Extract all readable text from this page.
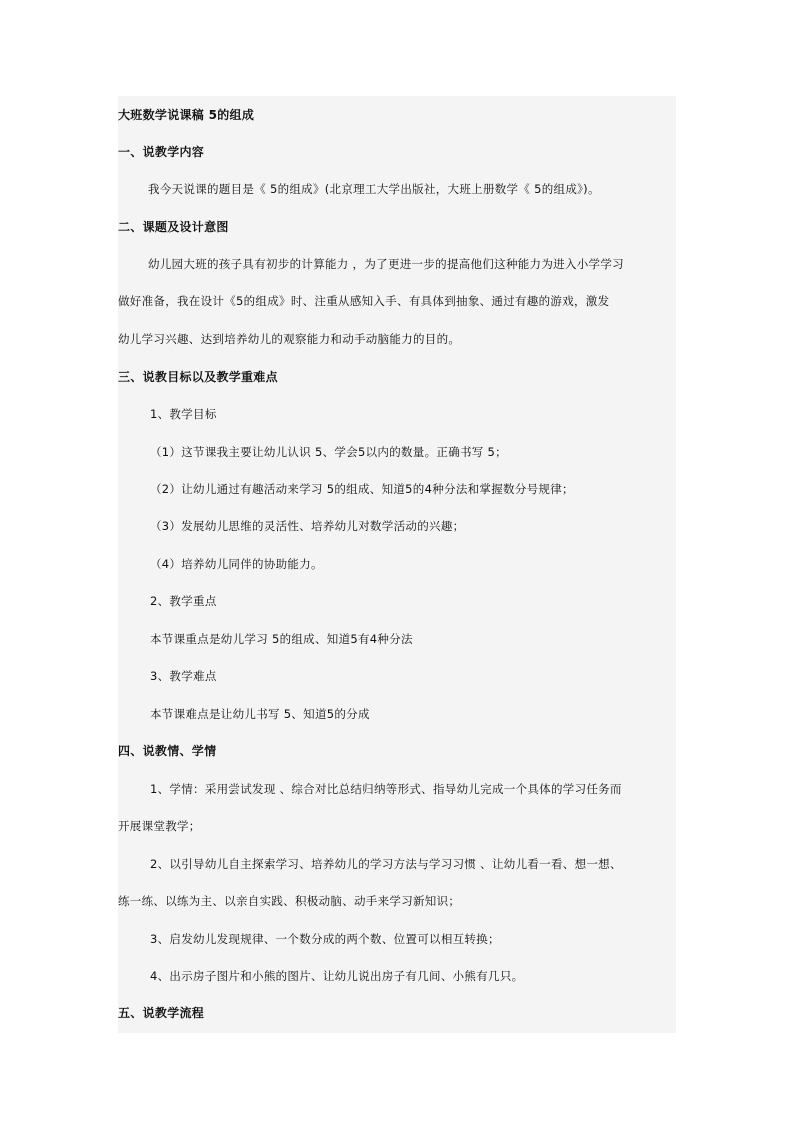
大班数学说课稿 5的组成
一、说教学内容
我今天说课的题目是《 5的组成》(北京理工大学出版社，大班上册数学《 5的组成》)。
二、课题及设计意图
幼儿园大班的孩子具有初步的计算能力 ，为了更进一步的提高他们这种能力为进入小学学习
做好准备，我在设计《5的组成》时、注重从感知入手、有具体到抽象、通过有趣的游戏，激发
幼儿学习兴趣、达到培养幼儿的观察能力和动手动脑能力的目的。
三、说教目标以及教学重难点
1、教学目标
（1）这节课我主要让幼儿认识 5、学会5以内的数量。正确书写 5；
（2）让幼儿通过有趣活动来学习 5的组成、知道5的4种分法和掌握数分号规律；
（3）发展幼儿思维的灵活性、培养幼儿对数学活动的兴趣；
（4）培养幼儿同伴的协助能力。
2、教学重点
本节课重点是幼儿学习 5的组成、知道5有4种分法
3、教学难点
本节课难点是让幼儿书写 5、知道5的分成
四、说教情、学情
1、学情：采用尝试发现 、综合对比总结归纳等形式、指导幼儿完成一个具体的学习任务而
开展课堂教学；
2、以引导幼儿自主探索学习、培养幼儿的学习方法与学习习惯 、让幼儿看一看、想一想、
练一练、以练为主、以亲自实践、积极动脑、动手来学习新知识；
3、启发幼儿发现规律、一个数分成的两个数、位置可以相互转换；
4、出示房子图片和小熊的图片、让幼儿说出房子有几间、小熊有几只。
五、说教学流程
